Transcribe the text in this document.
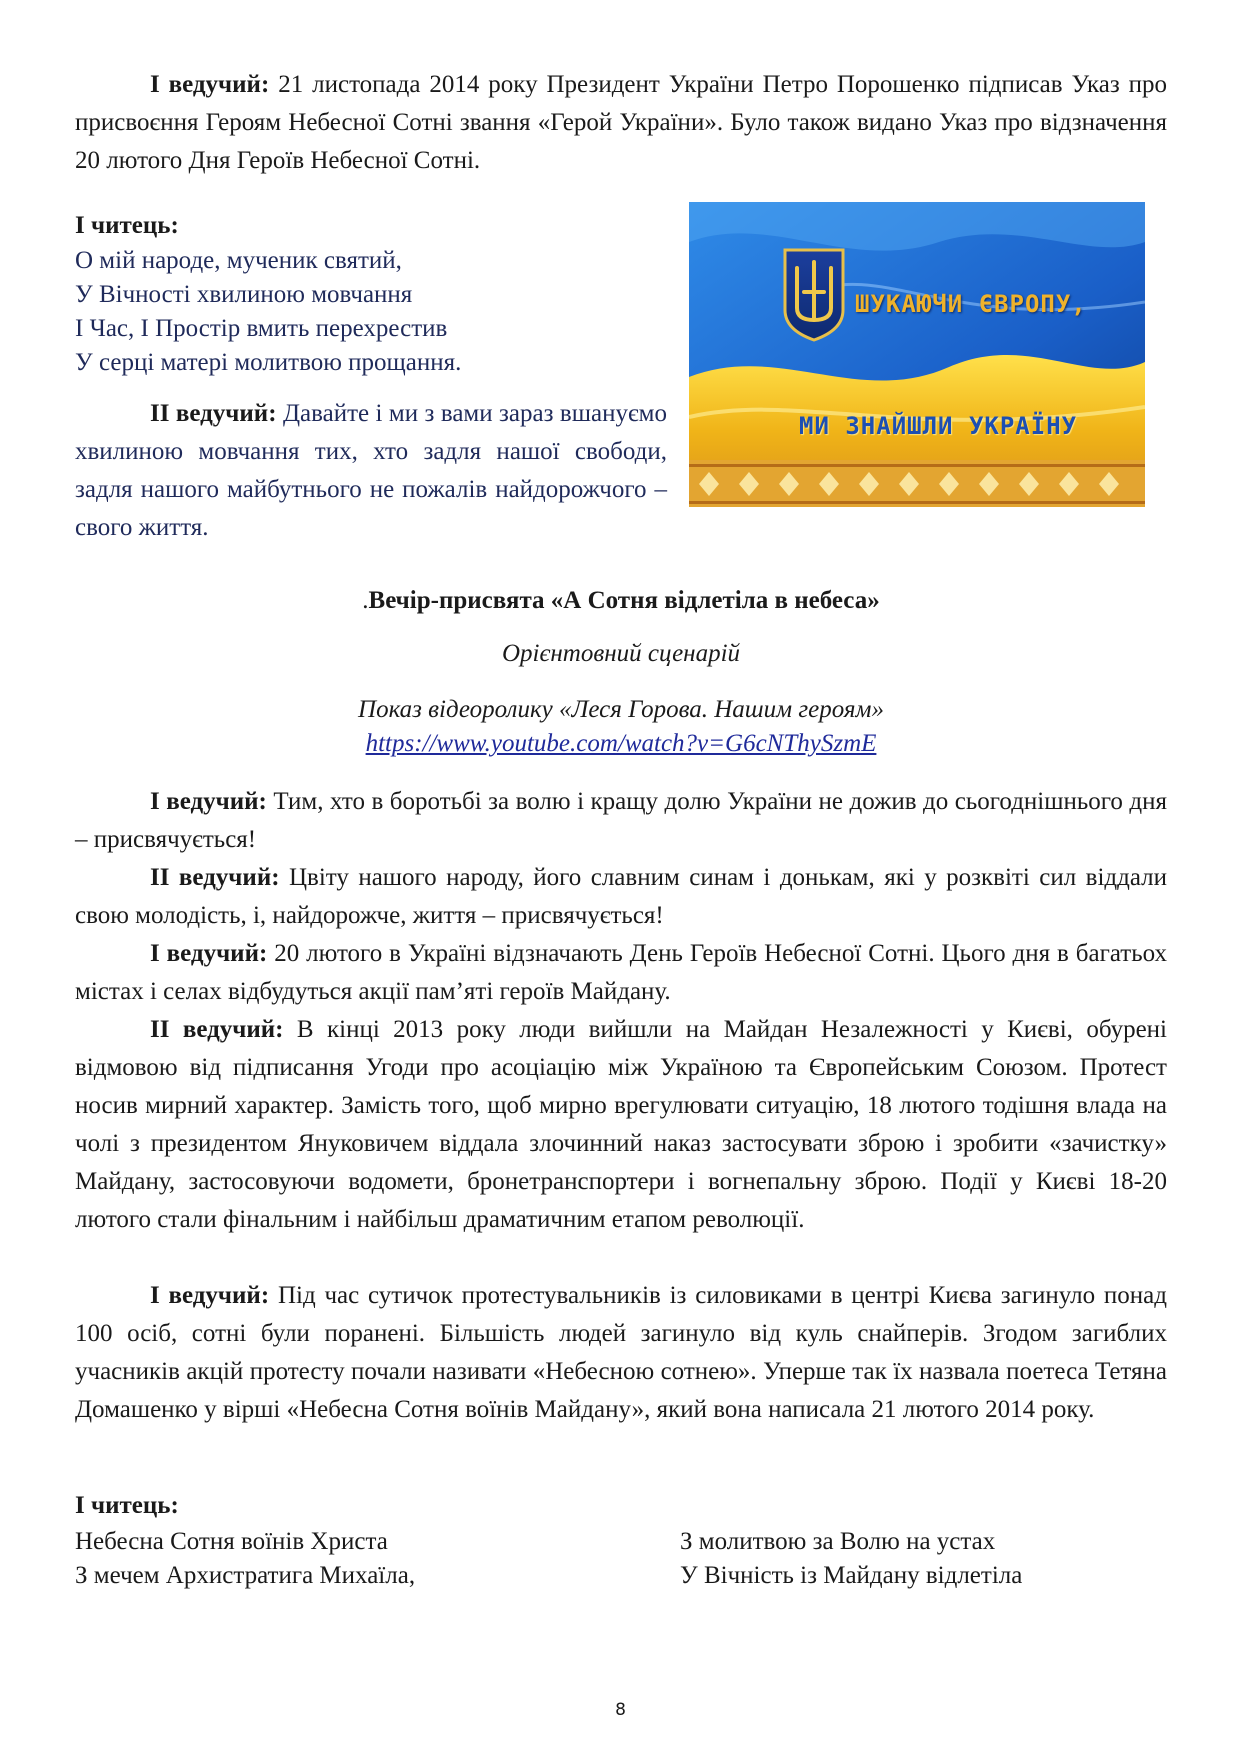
І ведучий: 21 листопада 2014 року Президент України Петро Порошенко підписав Указ про присвоєння Героям Небесної Сотні звання «Герой України». Було також видано Указ про відзначення 20 лютого Дня Героїв Небесної Сотні.

І читець:

О мій народе, мученик святий,
У Вічності хвилиною мовчання
І Час, І Простір вмить перехрестив
У серці матері молитвою прощання.

ІІ ведучий: Давайте і ми з вами зараз вшануємо хвилиною мовчання тих, хто задля нашої свободи, задля нашого майбутнього не пожалів найдорожчого – свого життя.

ШУКАЮЧИ ЄВРОПУ,
МИ ЗНАЙШЛИ УКРАЇНУ

.Вечір-присвята «А Сотня відлетіла в небеса»

Орієнтовний сценарій

Показ відеоролику «Леся Горова. Нашим героям»

https://www.youtube.com/watch?v=G6cNThySzmE

І ведучий: Тим, хто в боротьбі за волю і кращу долю України не дожив до сьогоднішнього дня – присвячується!

ІІ ведучий: Цвіту нашого народу, його славним синам і донькам, які у розквіті сил віддали свою молодість, і, найдорожче, життя – присвячується!

І ведучий: 20 лютого в Україні відзначають День Героїв Небесної Сотні. Цього дня в багатьох містах і селах відбудуться акції пам’яті героїв Майдану.

ІІ ведучий: В кінці 2013 року люди вийшли на Майдан Незалежності у Києві, обурені відмовою від підписання Угоди про асоціацію між Україною та Європейським Союзом. Протест носив мирний характер. Замість того, щоб мирно врегулювати ситуацію, 18 лютого тодішня влада на чолі з президентом Януковичем віддала злочинний наказ застосувати зброю і зробити «зачистку» Майдану, застосовуючи водомети, бронетранспортери і вогнепальну зброю. Події у Києві 18-20 лютого стали фінальним і найбільш драматичним етапом революції.

І ведучий: Під час сутичок протестувальників із силовиками в центрі Києва загинуло понад 100 осіб, сотні були поранені. Більшість людей загинуло від куль снайперів. Згодом загиблих учасників акцій протесту почали називати «Небесною сотнею». Уперше так їх назвала поетеса Тетяна Домашенко у вірші «Небесна Сотня воїнів Майдану», який вона написала 21 лютого 2014 року.

І читець:

Небесна Сотня воїнів Христа
З мечем Архистратига Михаїла,
З молитвою за Волю на устах
У Вічність із Майдану відлетіла
8
